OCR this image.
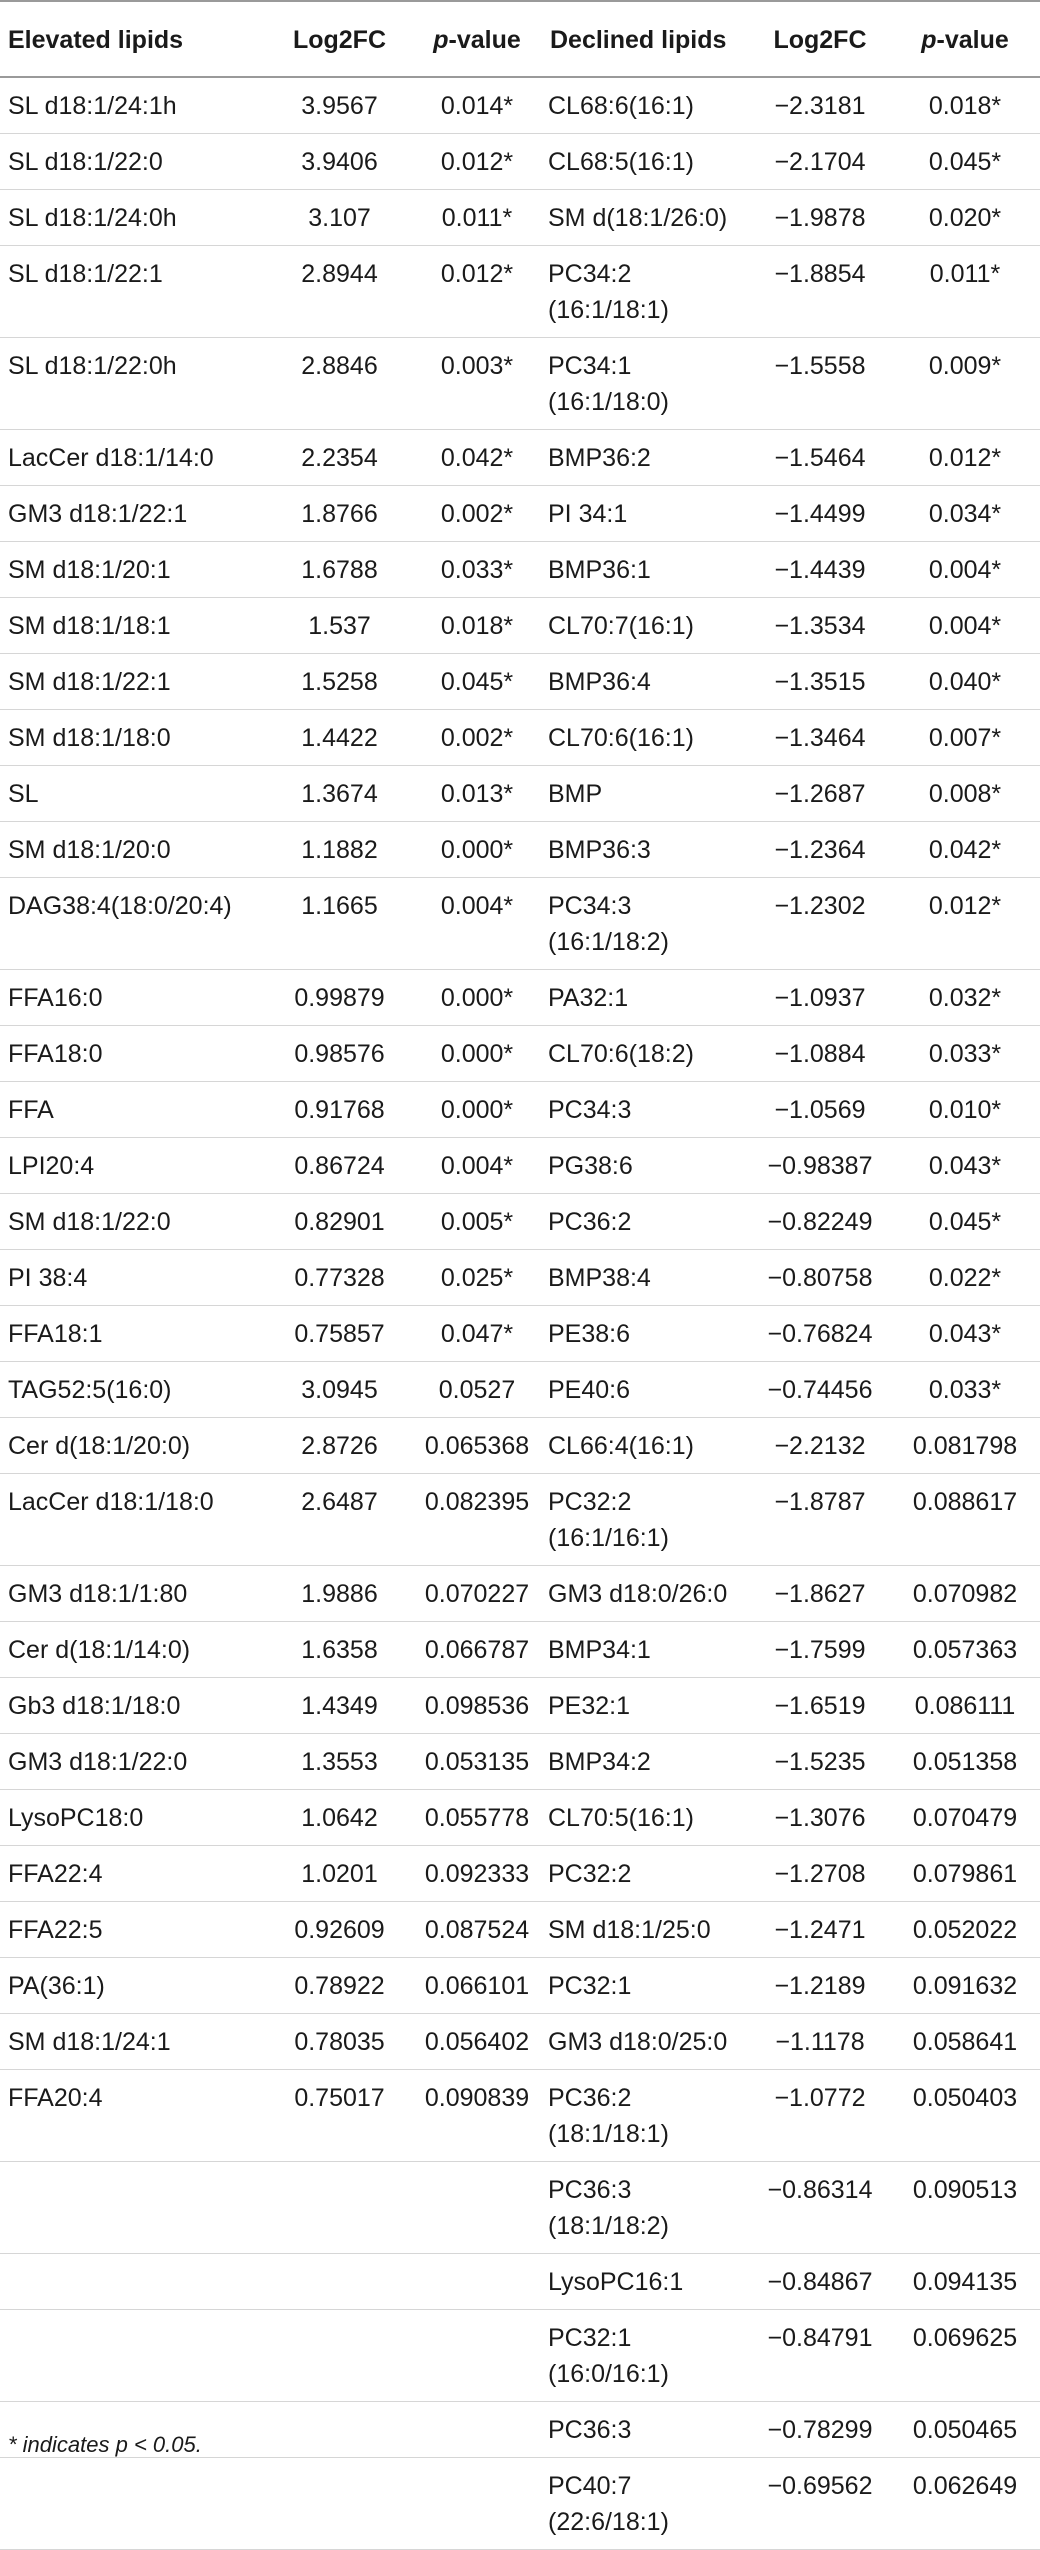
Elevated lipids	Log2FC	p-value	Declined lipids	Log2FC	p-value
SL d18:1/24:1h	3.9567	0.014*	CL68:6(16:1)	−2.3181	0.018*
SL d18:1/22:0	3.9406	0.012*	CL68:5(16:1)	−2.1704	0.045*
SL d18:1/24:0h	3.107	0.011*	SM d(18:1/26:0)	−1.9878	0.020*
SL d18:1/22:1	2.8944	0.012*	PC34:2 (16:1/18:1)	−1.8854	0.011*
SL d18:1/22:0h	2.8846	0.003*	PC34:1 (16:1/18:0)	−1.5558	0.009*
LacCer d18:1/14:0	2.2354	0.042*	BMP36:2	−1.5464	0.012*
GM3 d18:1/22:1	1.8766	0.002*	PI 34:1	−1.4499	0.034*
SM d18:1/20:1	1.6788	0.033*	BMP36:1	−1.4439	0.004*
SM d18:1/18:1	1.537	0.018*	CL70:7(16:1)	−1.3534	0.004*
SM d18:1/22:1	1.5258	0.045*	BMP36:4	−1.3515	0.040*
SM d18:1/18:0	1.4422	0.002*	CL70:6(16:1)	−1.3464	0.007*
SL	1.3674	0.013*	BMP	−1.2687	0.008*
SM d18:1/20:0	1.1882	0.000*	BMP36:3	−1.2364	0.042*
DAG38:4(18:0/20:4)	1.1665	0.004*	PC34:3 (16:1/18:2)	−1.2302	0.012*
FFA16:0	0.99879	0.000*	PA32:1	−1.0937	0.032*
FFA18:0	0.98576	0.000*	CL70:6(18:2)	−1.0884	0.033*
FFA	0.91768	0.000*	PC34:3	−1.0569	0.010*
LPI20:4	0.86724	0.004*	PG38:6	−0.98387	0.043*
SM d18:1/22:0	0.82901	0.005*	PC36:2	−0.82249	0.045*
PI 38:4	0.77328	0.025*	BMP38:4	−0.80758	0.022*
FFA18:1	0.75857	0.047*	PE38:6	−0.76824	0.043*
TAG52:5(16:0)	3.0945	0.0527	PE40:6	−0.74456	0.033*
Cer d(18:1/20:0)	2.8726	0.065368	CL66:4(16:1)	−2.2132	0.081798
LacCer d18:1/18:0	2.6487	0.082395	PC32:2 (16:1/16:1)	−1.8787	0.088617
GM3 d18:1/1:80	1.9886	0.070227	GM3 d18:0/26:0	−1.8627	0.070982
Cer d(18:1/14:0)	1.6358	0.066787	BMP34:1	−1.7599	0.057363
Gb3 d18:1/18:0	1.4349	0.098536	PE32:1	−1.6519	0.086111
GM3 d18:1/22:0	1.3553	0.053135	BMP34:2	−1.5235	0.051358
LysoPC18:0	1.0642	0.055778	CL70:5(16:1)	−1.3076	0.070479
FFA22:4	1.0201	0.092333	PC32:2	−1.2708	0.079861
FFA22:5	0.92609	0.087524	SM d18:1/25:0	−1.2471	0.052022
PA(36:1)	0.78922	0.066101	PC32:1	−1.2189	0.091632
SM d18:1/24:1	0.78035	0.056402	GM3 d18:0/25:0	−1.1178	0.058641
FFA20:4	0.75017	0.090839	PC36:2 (18:1/18:1)	−1.0772	0.050403
			PC36:3 (18:1/18:2)	−0.86314	0.090513
			LysoPC16:1	−0.84867	0.094135
			PC32:1 (16:0/16:1)	−0.84791	0.069625
			PC36:3	−0.78299	0.050465
			PC40:7 (22:6/18:1)	−0.69562	0.062649
* indicates p < 0.05.
